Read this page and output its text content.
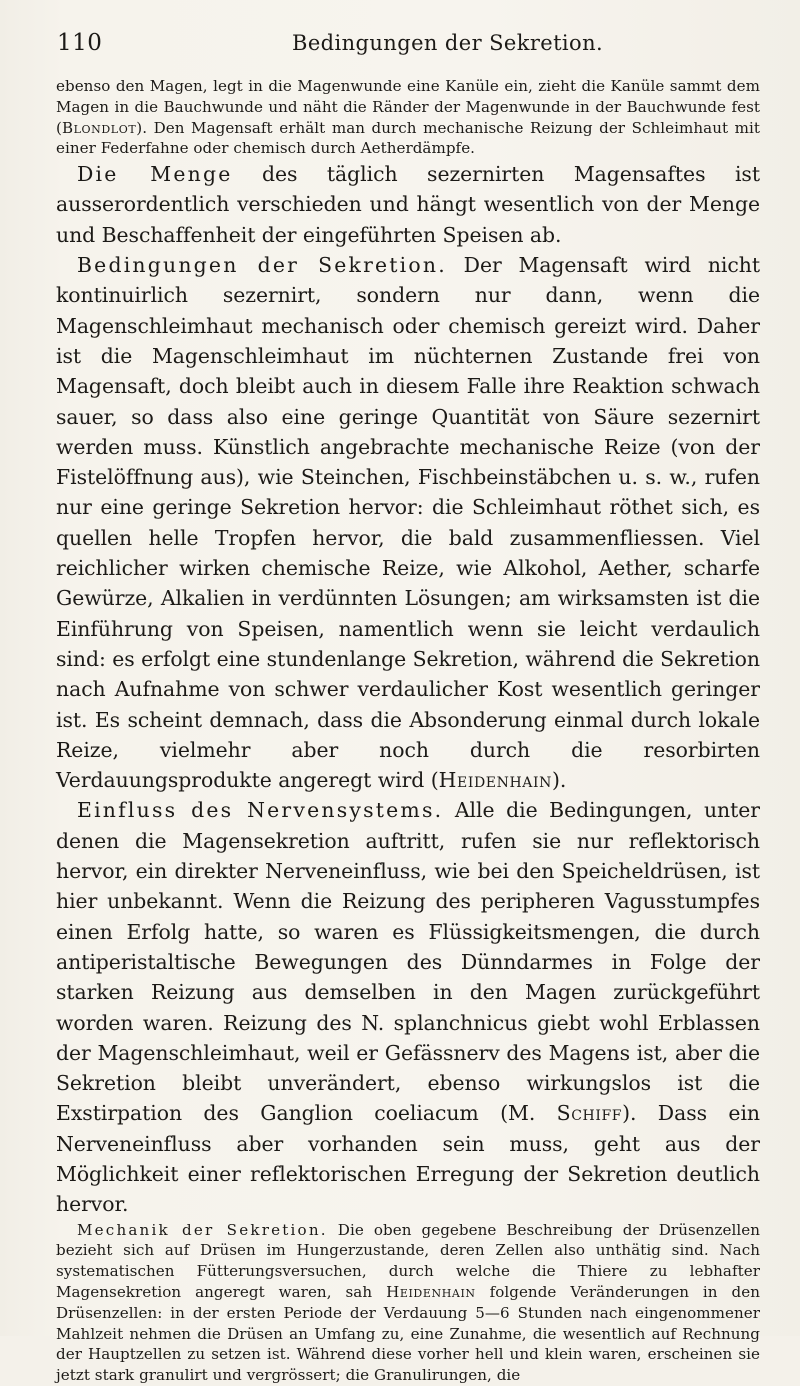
110	Bedingungen der Sekretion.

ebenso den Magen, legt in die Magenwunde eine Kanüle ein, zieht die Kanüle sammt dem Magen in die Bauchwunde und näht die Ränder der Magenwunde in der Bauchwunde fest (Blondlot). Den Magensaft erhält man durch mechanische Reizung der Schleimhaut mit einer Federfahne oder chemisch durch Aetherdämpfe.

Die Menge des täglich sezernirten Magensaftes ist ausserordentlich verschieden und hängt wesentlich von der Menge und Beschaffenheit der eingeführten Speisen ab.

Bedingungen der Sekretion. Der Magensaft wird nicht kontinuirlich sezernirt, sondern nur dann, wenn die Magenschleimhaut mechanisch oder chemisch gereizt wird. Daher ist die Magenschleimhaut im nüchternen Zustande frei von Magensaft, doch bleibt auch in diesem Falle ihre Reaktion schwach sauer, so dass also eine geringe Quantität von Säure sezernirt werden muss. Künstlich angebrachte mechanische Reize (von der Fistelöffnung aus), wie Steinchen, Fischbeinstäbchen u. s. w., rufen nur eine geringe Sekretion hervor: die Schleimhaut röthet sich, es quellen helle Tropfen hervor, die bald zusammenfliessen. Viel reichlicher wirken chemische Reize, wie Alkohol, Aether, scharfe Gewürze, Alkalien in verdünnten Lösungen; am wirksamsten ist die Einführung von Speisen, namentlich wenn sie leicht verdaulich sind: es erfolgt eine stundenlange Sekretion, während die Sekretion nach Aufnahme von schwer verdaulicher Kost wesentlich geringer ist. Es scheint demnach, dass die Absonderung einmal durch lokale Reize, vielmehr aber noch durch die resorbirten Verdauungsprodukte angeregt wird (Heidenhain).

Einfluss des Nervensystems. Alle die Bedingungen, unter denen die Magensekretion auftritt, rufen sie nur reflektorisch hervor, ein direkter Nerveneinfluss, wie bei den Speicheldrüsen, ist hier unbekannt. Wenn die Reizung des peripheren Vagusstumpfes einen Erfolg hatte, so waren es Flüssigkeitsmengen, die durch antiperistaltische Bewegungen des Dünndarmes in Folge der starken Reizung aus demselben in den Magen zurückgeführt worden waren. Reizung des N. splanchnicus giebt wohl Erblassen der Magenschleimhaut, weil er Gefässnerv des Magens ist, aber die Sekretion bleibt unverändert, ebenso wirkungslos ist die Exstirpation des Ganglion coeliacum (M. Schiff). Dass ein Nerveneinfluss aber vorhanden sein muss, geht aus der Möglichkeit einer reflektorischen Erregung der Sekretion deutlich hervor.

Mechanik der Sekretion. Die oben gegebene Beschreibung der Drüsenzellen bezieht sich auf Drüsen im Hungerzustande, deren Zellen also unthätig sind. Nach systematischen Fütterungsversuchen, durch welche die Thiere zu lebhafter Magensekretion angeregt waren, sah Heidenhain folgende Veränderungen in den Drüsenzellen: in der ersten Periode der Verdauung 5—6 Stunden nach eingenommener Mahlzeit nehmen die Drüsen an Umfang zu, eine Zunahme, die wesentlich auf Rechnung der Hauptzellen zu setzen ist. Während diese vorher hell und klein waren, erscheinen sie jetzt stark granulirt und vergrössert; die Granulirungen, die
